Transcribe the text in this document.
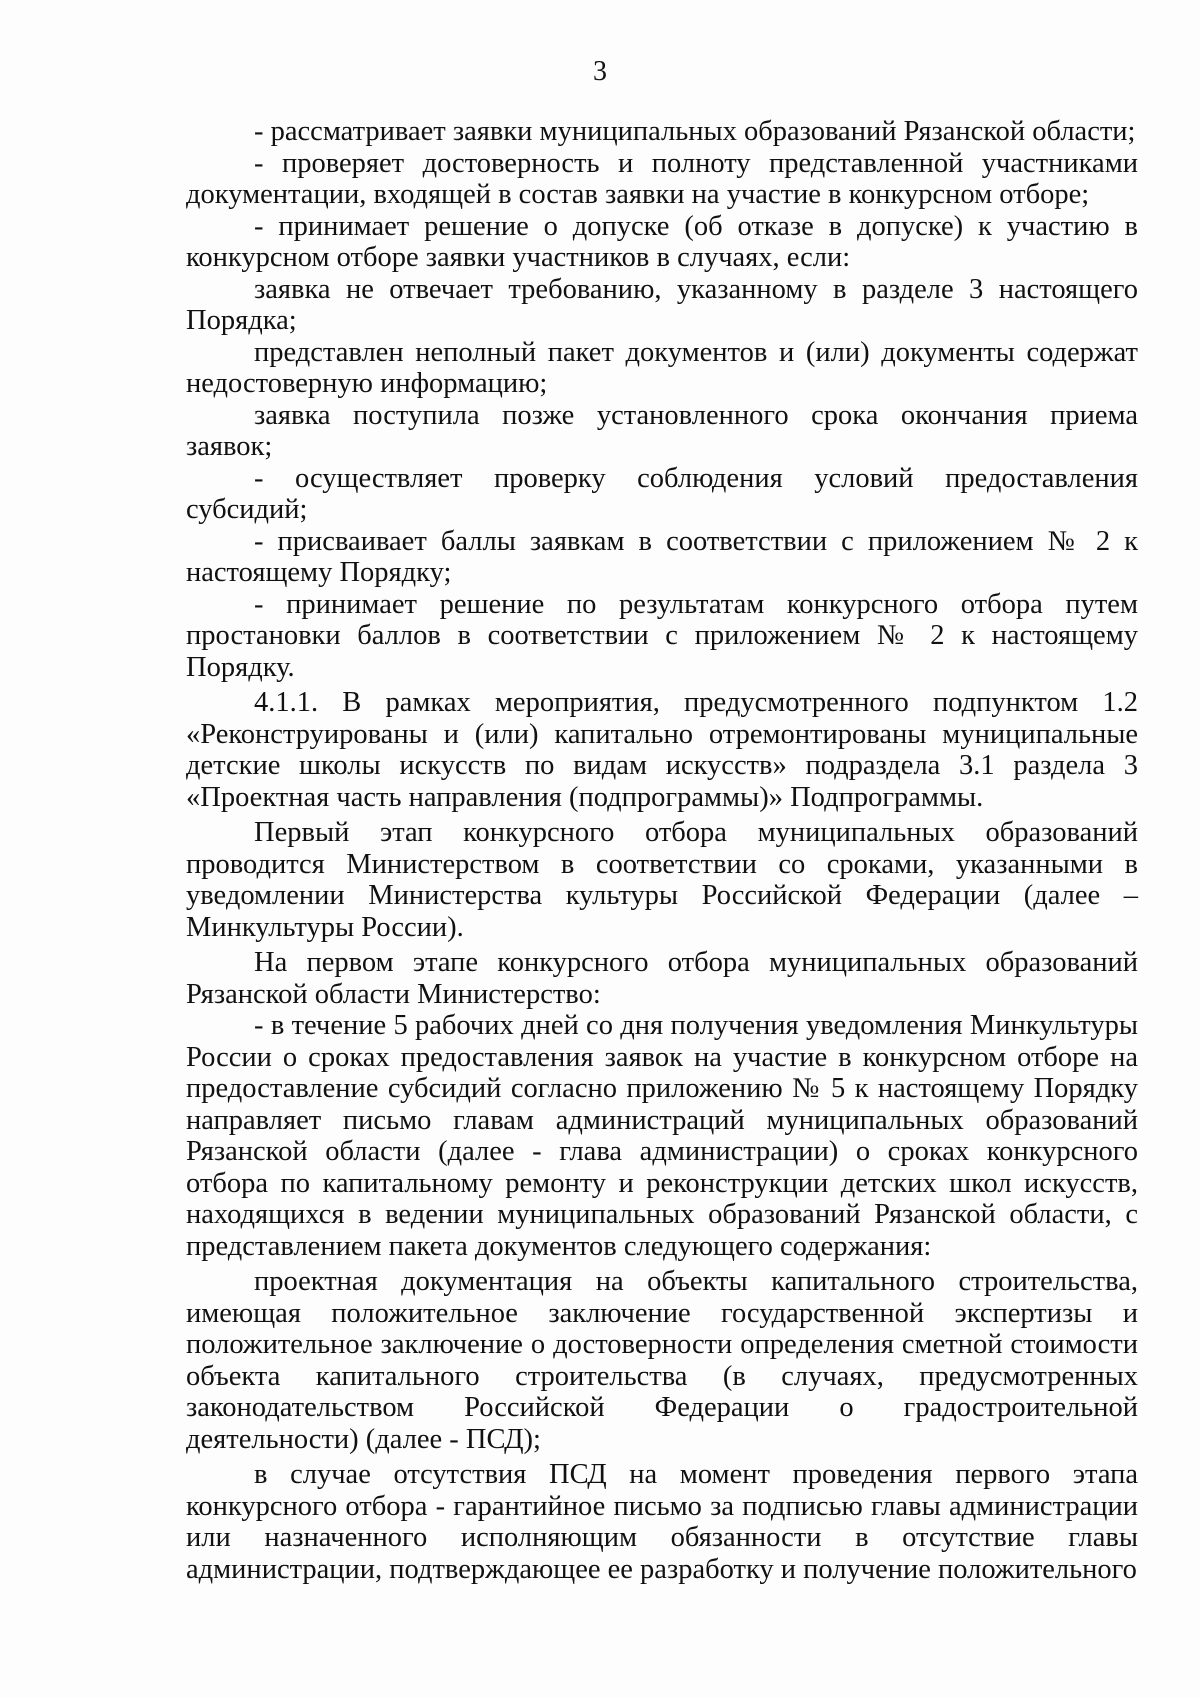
3

- рассматривает заявки муниципальных образований Рязанской области;

- проверяет достоверность и полноту представленной участниками документации, входящей в состав заявки на участие в конкурсном отборе;

- принимает решение о допуске (об отказе в допуске) к участию в конкурсном отборе заявки участников в случаях, если:

заявка не отвечает требованию, указанному в разделе 3 настоящего Порядка;

представлен неполный пакет документов и (или) документы содержат недостоверную информацию;

заявка поступила позже установленного срока окончания приема заявок;

- осуществляет проверку соблюдения условий предоставления субсидий;

- присваивает баллы заявкам в соответствии с приложением № 2 к настоящему Порядку;

- принимает решение по результатам конкурсного отбора путем простановки баллов в соответствии с приложением № 2 к настоящему Порядку.

4.1.1. В рамках мероприятия, предусмотренного подпунктом 1.2 «Реконструированы и (или) капитально отремонтированы муниципальные детские школы искусств по видам искусств» подраздела 3.1 раздела 3 «Проектная часть направления (подпрограммы)» Подпрограммы.

Первый этап конкурсного отбора муниципальных образований проводится Министерством в соответствии со сроками, указанными в уведомлении Министерства культуры Российской Федерации (далее – Минкультуры России).

На первом этапе конкурсного отбора муниципальных образований Рязанской области Министерство:

- в течение 5 рабочих дней со дня получения уведомления Минкультуры России о сроках предоставления заявок на участие в конкурсном отборе на предоставление субсидий согласно приложению № 5 к настоящему Порядку направляет письмо главам администраций муниципальных образований Рязанской области (далее - глава администрации) о сроках конкурсного отбора по капитальному ремонту и реконструкции детских школ искусств, находящихся в ведении муниципальных образований Рязанской области, с представлением пакета документов следующего содержания:

проектная документация на объекты капитального строительства, имеющая положительное заключение государственной экспертизы и положительное заключение о достоверности определения сметной стоимости объекта капитального строительства (в случаях, предусмотренных законодательством Российской Федерации о градостроительной деятельности) (далее - ПСД);

в случае отсутствия ПСД на момент проведения первого этапа конкурсного отбора - гарантийное письмо за подписью главы администрации или назначенного исполняющим обязанности в отсутствие главы администрации, подтверждающее ее разработку и получение положительного
